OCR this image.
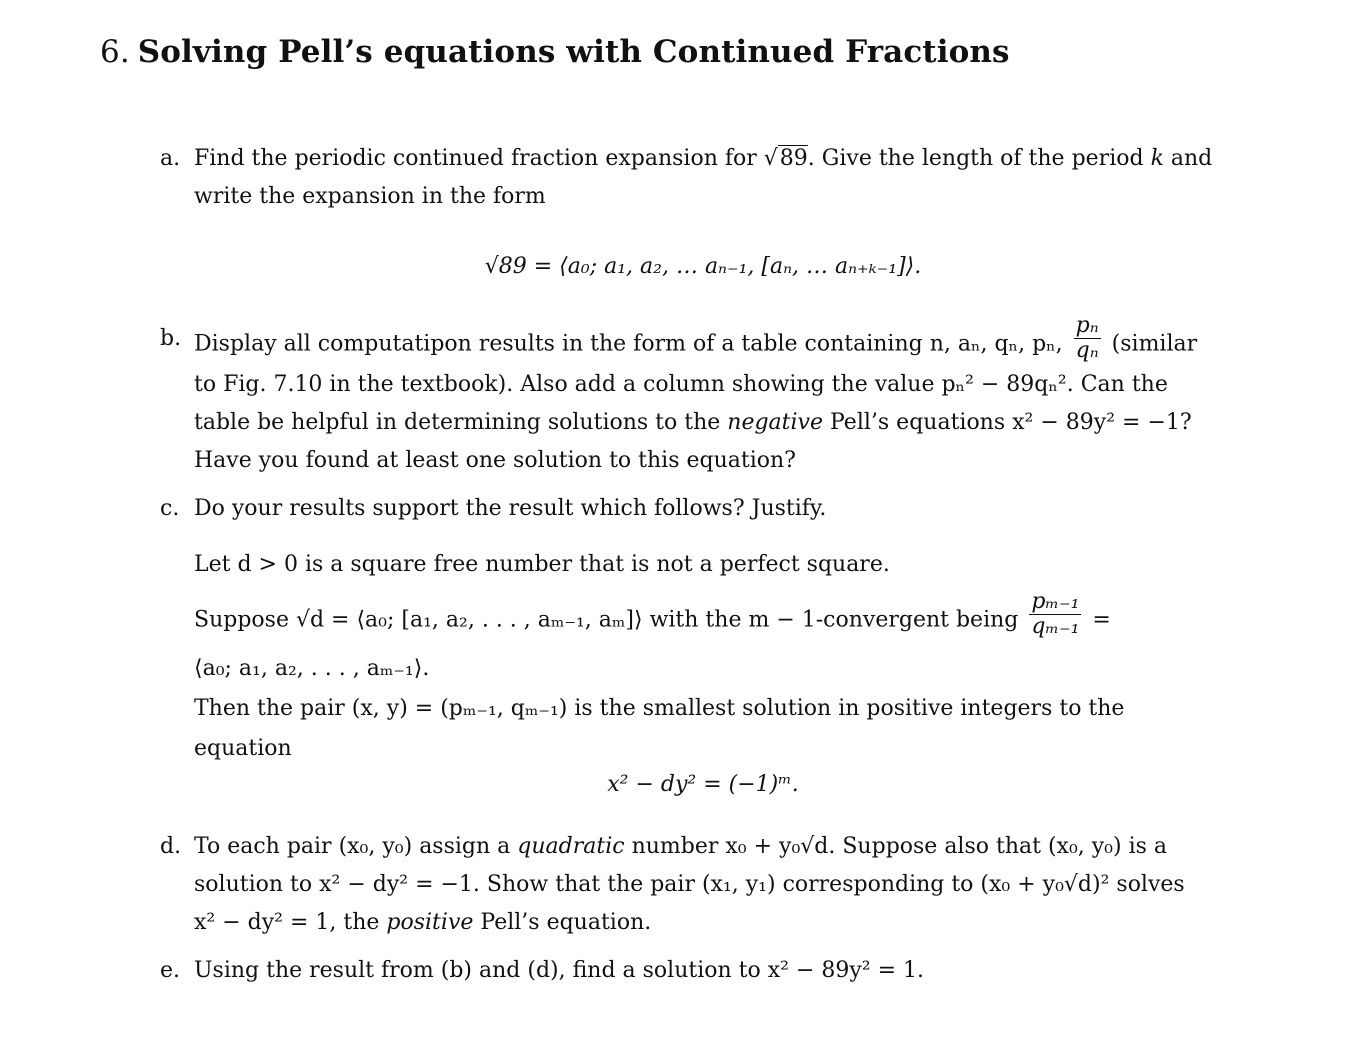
6. Solving Pell’s equations with Continued Fractions
a. Find the periodic continued fraction expansion for √89. Give the length of the period k and
write the expansion in the form
√89 = ⟨a₀; a₁, a₂, … aₙ₋₁, [aₙ, … aₙ₊ₖ₋₁]⟩.
b. Display all computatipon results in the form of a table containing n, aₙ, qₙ, pₙ, $\frac{\text{pₙ}}{\text{qₙ}}$ (similar
to Fig. 7.10 in the textbook). Also add a column showing the value pₙ² − 89qₙ². Can the
table be helpful in determining solutions to the negative Pell’s equations x² − 89y² = −1?
Have you found at least one solution to this equation?
c. Do your results support the result which follows? Justify.
Let d > 0 is a square free number that is not a perfect square.
Suppose √d = ⟨a₀; [a₁, a₂, . . . , aₘ₋₁, aₘ]⟩ with the m − 1-convergent being $\frac{\text{pₘ₋₁}}{\text{qₘ₋₁}}$ =
⟨a₀; a₁, a₂, . . . , aₘ₋₁⟩.
Then the pair (x, y) = (pₘ₋₁, qₘ₋₁) is the smallest solution in positive integers to the
equation
x² − dy² = (−1)ᵐ.
d. To each pair (x₀, y₀) assign a quadratic number x₀ + y₀√d. Suppose also that (x₀, y₀) is a
solution to x² − dy² = −1. Show that the pair (x₁, y₁) corresponding to (x₀ + y₀√d)² solves
x² − dy² = 1, the positive Pell’s equation.
e. Using the result from (b) and (d), find a solution to x² − 89y² = 1.
